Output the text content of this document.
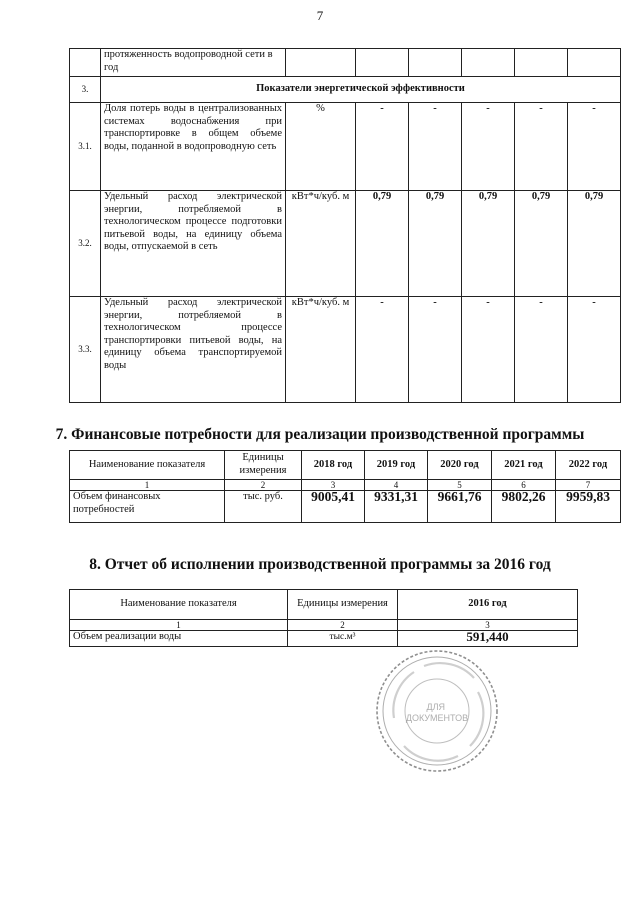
7
	протяженность водопроводной сети в год						
3.	Показатели энергетической эффективности						
3.1.	Доля потерь воды в централизованных системах водоснабжения при транспортировке в общем объеме воды, поданной в водопроводную сеть	%	-	-	-	-	-
3.2.	Удельный расход электрической энергии, потребляемой в технологическом процессе подготовки питьевой воды, на единицу объема воды, отпускаемой в сеть	кВт*ч/куб. м	0,79	0,79	0,79	0,79	0,79
3.3.	Удельный расход электрической энергии, потребляемой в технологическом процессе транспортировки питьевой воды, на единицу объема транспортируемой воды	кВт*ч/куб. м	-	-	-	-	-
7. Финансовые потребности для реализации производственной программы
Наименование показателя	Единицы измерения	2018 год	2019 год	2020 год	2021 год	2022 год
1	2	3	4	5	6	7
Объем финансовых потребностей	тыс. руб.	9005,41	9331,31	9661,76	9802,26	9959,83
8. Отчет об исполнении производственной программы за 2016 год
Наименование показателя	Единицы измерения	2016 год
1	2	3
Объем реализации воды	тыс.м³	591,440
ДЛЯ ДОКУМЕНТОВ
